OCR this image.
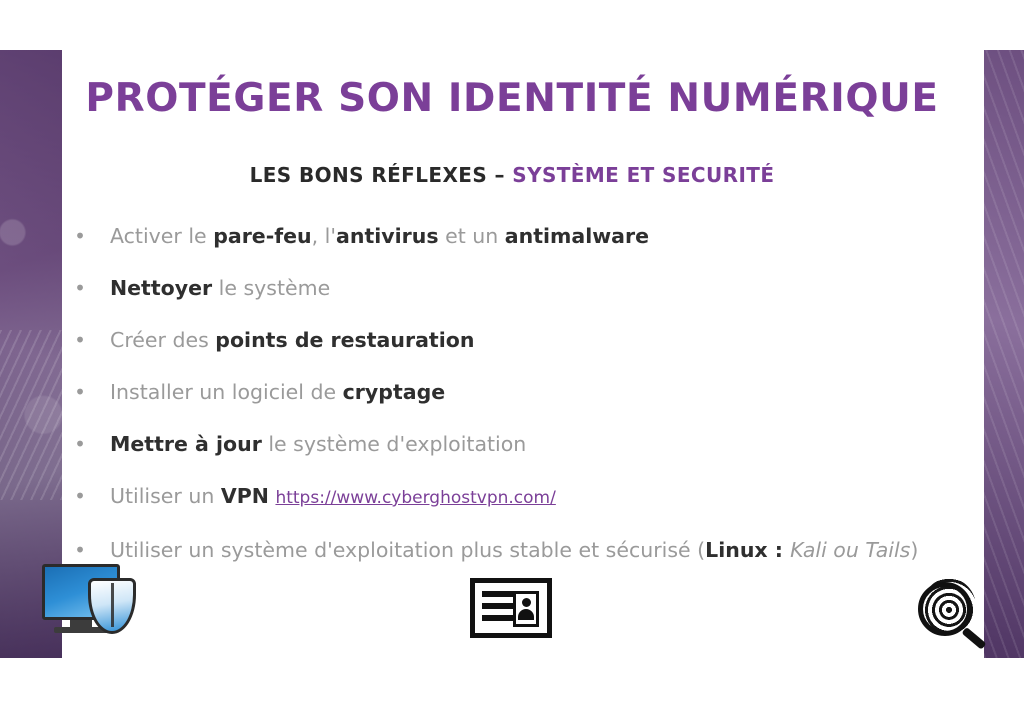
PROTÉGER SON IDENTITÉ NUMÉRIQUE
LES BONS RÉFLEXES – SYSTÈME ET SECURITÉ
• Activer le pare-feu, l'antivirus et un antimalware
• Nettoyer le système
• Créer des points de restauration
• Installer un logiciel de cryptage
• Mettre à jour le système d'exploitation
• Utiliser un VPN https://www.cyberghostvpn.com/
• Utiliser un système d'exploitation plus stable et sécurisé (Linux : Kali ou Tails)
